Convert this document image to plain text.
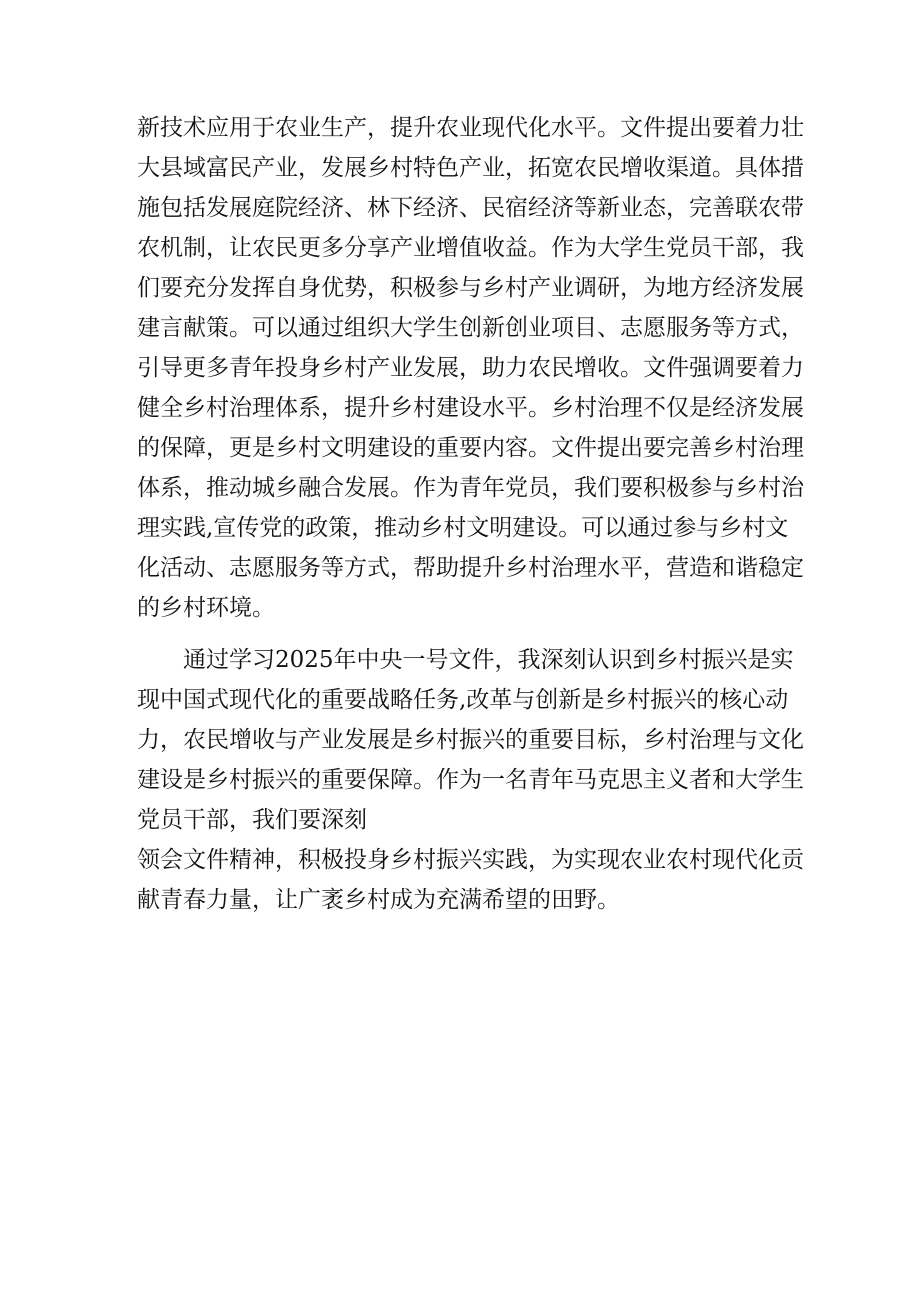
新技术应用于农业生产，提升农业现代化水平。文件提出要着力壮
大县域富民产业，发展乡村特色产业，拓宽农民增收渠道。具体措
施包括发展庭院经济、林下经济、民宿经济等新业态，完善联农带
农机制，让农民更多分享产业增值收益。作为大学生党员干部，我
们要充分发挥自身优势，积极参与乡村产业调研，为地方经济发展
建言献策。可以通过组织大学生创新创业项目、志愿服务等方式，
引导更多青年投身乡村产业发展，助力农民增收。文件强调要着力
健全乡村治理体系，提升乡村建设水平。乡村治理不仅是经济发展
的保障，更是乡村文明建设的重要内容。文件提出要完善乡村治理
体系，推动城乡融合发展。作为青年党员，我们要积极参与乡村治
理实践,宣传党的政策，推动乡村文明建设。可以通过参与乡村文
化活动、志愿服务等方式，帮助提升乡村治理水平，营造和谐稳定
的乡村环境。
通过学习2025年中央一号文件，我深刻认识到乡村振兴是实
现中国式现代化的重要战略任务,改革与创新是乡村振兴的核心动
力，农民增收与产业发展是乡村振兴的重要目标，乡村治理与文化
建设是乡村振兴的重要保障。作为一名青年马克思主义者和大学生
党员干部，我们要深刻
领会文件精神，积极投身乡村振兴实践，为实现农业农村现代化贡
献青春力量，让广袤乡村成为充满希望的田野。
